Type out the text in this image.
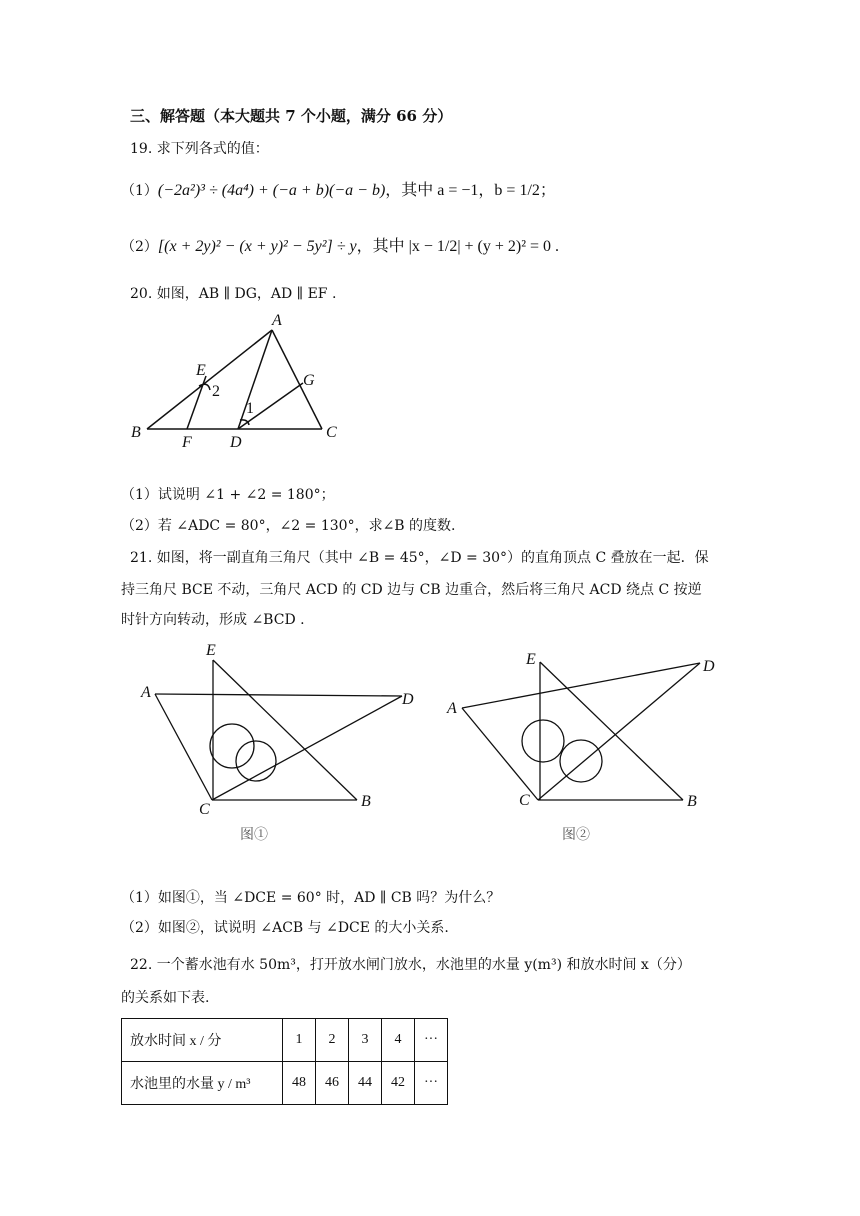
三、解答题（本大题共 7 个小题，满分 66 分）
19. 求下列各式的值：
（1）(−2a²)³ ÷ (4a⁴) + (−a + b)(−a − b)，其中 a = −1，b = 1/2；
（2）[(x + 2y)² − (x + y)² − 5y²] ÷ y，其中 |x − 1/2| + (y + 2)² = 0 .
20. 如图，AB ∥ DG，AD ∥ EF .
A
B	C
D
E
F
G
1
2
（1）试说明 ∠1 + ∠2 = 180°；
（2）若 ∠ADC = 80°，∠2 = 130°，求∠B 的度数.
21. 如图，将一副直角三角尺（其中 ∠B = 45°，∠D = 30°）的直角顶点 C 叠放在一起．保
持三角尺 BCE 不动，三角尺 ACD 的 CD 边与 CB 边重合，然后将三角尺 ACD 绕点 C 按逆
时针方向转动，形成 ∠BCD .
A
B
C
D
E
图①
A
B
C
D
E
图②
（1）如图①，当 ∠DCE = 60° 时，AD ∥ CB 吗？为什么？
（2）如图②，试说明 ∠ACB 与 ∠DCE 的大小关系.
22. 一个蓄水池有水 50m³，打开放水闸门放水，水池里的水量 y(m³) 和放水时间 x（分）
的关系如下表.
放水时间 x / 分	1	2	3	4	···
水池里的水量 y / m³	48	46	44	42	···
